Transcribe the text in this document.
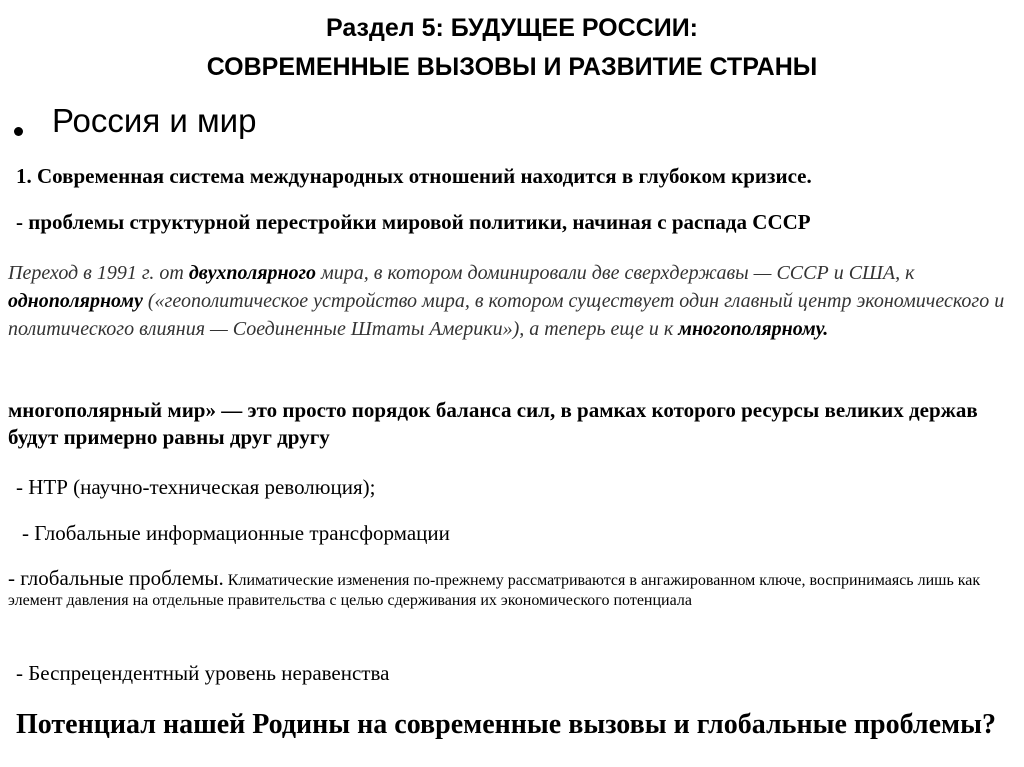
Раздел 5: БУДУЩЕЕ РОССИИ:
СОВРЕМЕННЫЕ ВЫЗОВЫ И РАЗВИТИЕ СТРАНЫ
Россия и мир
1. Современная система международных отношений находится в глубоком кризисе.
- проблемы структурной перестройки мировой политики, начиная с распада СССР
Переход в 1991 г. от двухполярного мира, в котором доминировали две сверхдержавы — СССР и США, к однополярному («геополитическое устройство мира, в котором существует один главный центр экономического и политического влияния — Соединенные Штаты Америки»), а теперь еще и к многополярному.
многополярный мир» — это просто порядок баланса сил, в рамках которого ресурсы великих держав будут примерно равны друг другу
- НТР (научно-техническая революция);
- Глобальные информационные трансформации
- глобальные проблемы. Климатические изменения по-прежнему рассматриваются в ангажированном ключе, воспринимаясь лишь как элемент давления на отдельные правительства с целью сдерживания их экономического потенциала
- Беспрецендентный уровень неравенства
Потенциал нашей Родины на современные вызовы и глобальные проблемы?
